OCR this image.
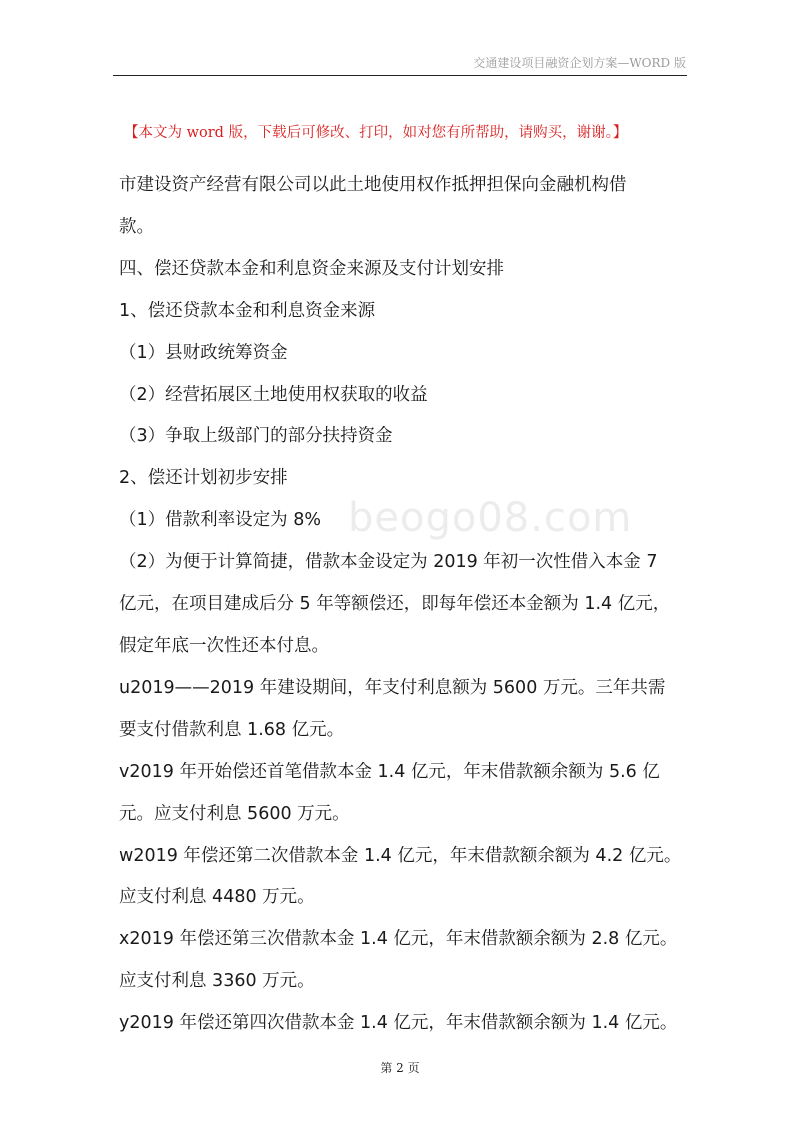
交通建设项目融资企划方案—WORD 版
【本文为 word 版，下载后可修改、打印，如对您有所帮助，请购买，谢谢。】
beogo08.com

市建设资产经营有限公司以此土地使用权作抵押担保向金融机构借

款。

四、偿还贷款本金和利息资金来源及支付计划安排

1、偿还贷款本金和利息资金来源

（1）县财政统筹资金

（2）经营拓展区土地使用权获取的收益

（3）争取上级部门的部分扶持资金

2、偿还计划初步安排

（1）借款利率设定为 8%

（2）为便于计算简捷，借款本金设定为 2019 年初一次性借入本金 7

亿元，在项目建成后分 5 年等额偿还，即每年偿还本金额为 1.4 亿元，

假定年底一次性还本付息。

u2019——2019 年建设期间，年支付利息额为 5600 万元。三年共需

要支付借款利息 1.68 亿元。

v2019 年开始偿还首笔借款本金 1.4 亿元，年末借款额余额为 5.6 亿

元。应支付利息 5600 万元。

w2019 年偿还第二次借款本金 1.4 亿元，年末借款额余额为 4.2 亿元。

应支付利息 4480 万元。

x2019 年偿还第三次借款本金 1.4 亿元，年末借款额余额为 2.8 亿元。

应支付利息 3360 万元。

y2019 年偿还第四次借款本金 1.4 亿元，年末借款额余额为 1.4 亿元。

第 2 页
